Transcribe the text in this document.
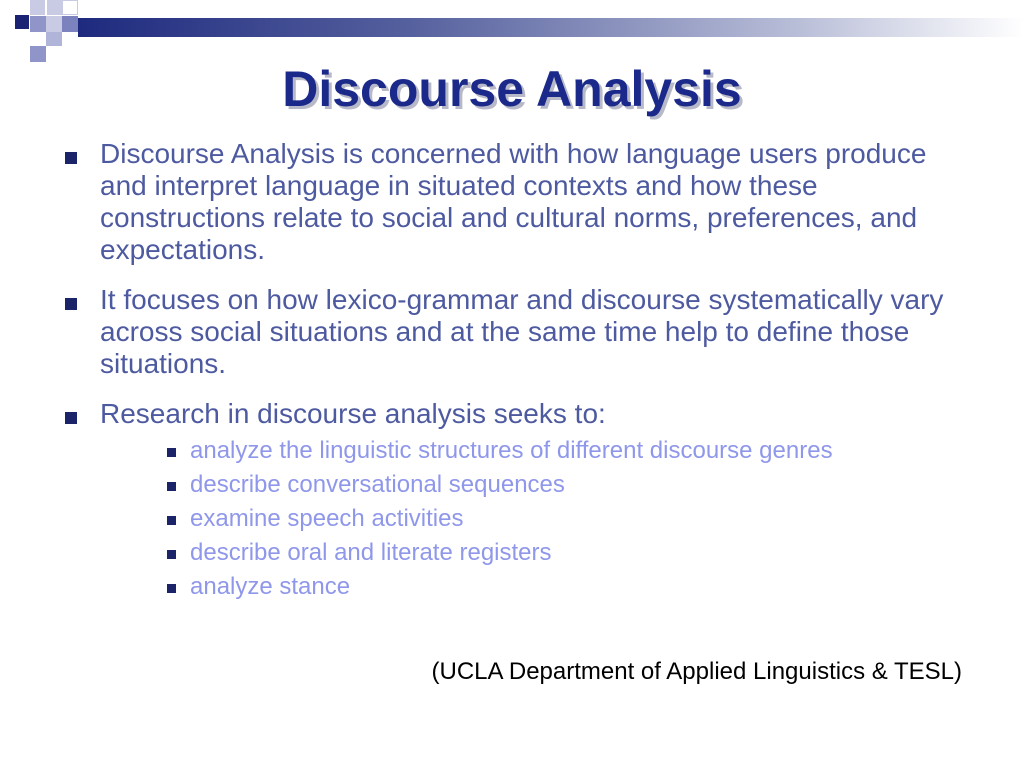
Discourse Analysis
Discourse Analysis is concerned with how language users produce and interpret language in situated contexts and how these constructions relate to social and cultural norms, preferences, and expectations.
It focuses on how lexico-grammar and discourse systematically vary across social situations and at the same time help to define those situations.
Research in discourse analysis seeks to:
analyze the linguistic structures of different discourse genres
describe conversational sequences
examine speech activities
describe oral and literate registers
analyze stance
(UCLA Department of Applied Linguistics & TESL)
